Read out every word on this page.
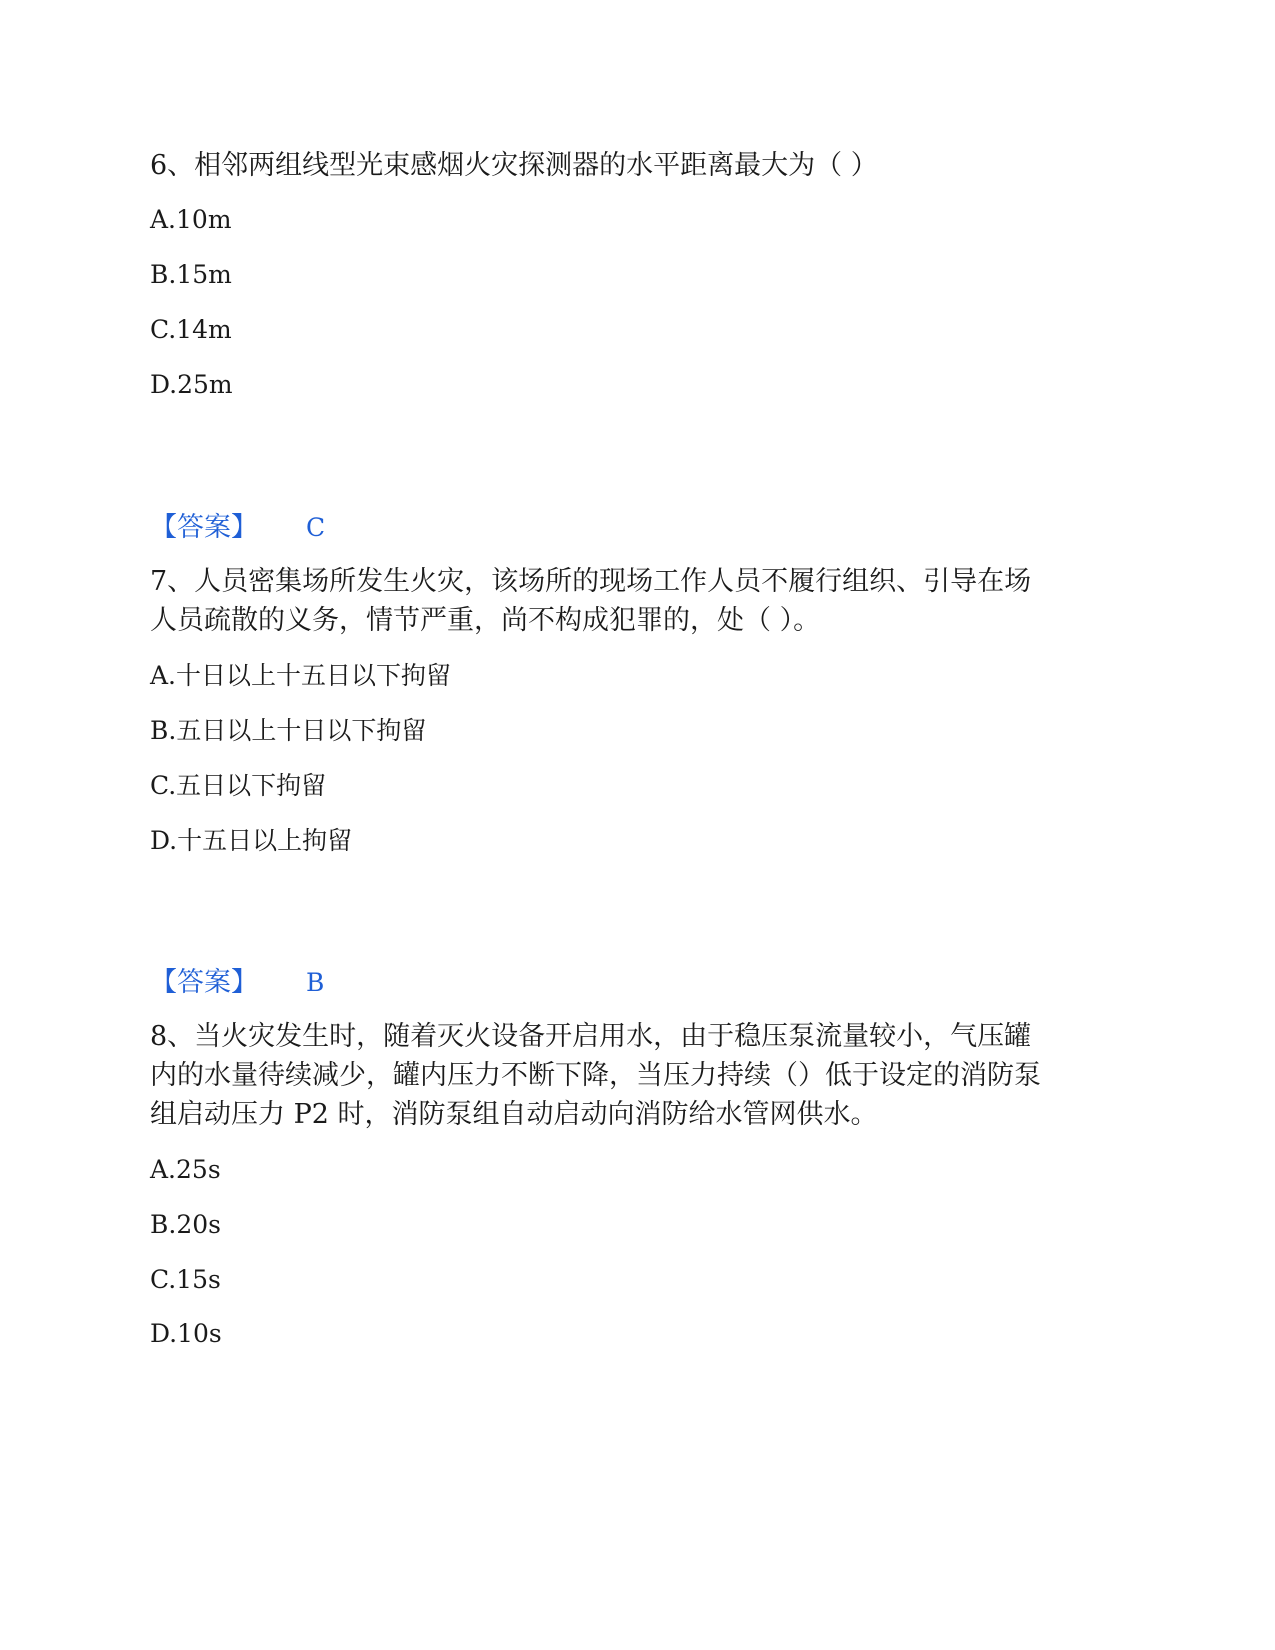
6、相邻两组线型光束感烟火灾探测器的水平距离最大为（ ）
A.10m
B.15m
C.14m
D.25m
【答案】 C
7、人员密集场所发生火灾，该场所的现场工作人员不履行组织、引导在场
人员疏散的义务，情节严重，尚不构成犯罪的，处（ ）。
A.十日以上十五日以下拘留
B.五日以上十日以下拘留
C.五日以下拘留
D.十五日以上拘留
【答案】 B
8、当火灾发生时，随着灭火设备开启用水，由于稳压泵流量较小，气压罐
内的水量待续减少，罐内压力不断下降，当压力持续（）低于设定的消防泵
组启动压力 P2 时，消防泵组自动启动向消防给水管网供水。
A.25s
B.20s
C.15s
D.10s
